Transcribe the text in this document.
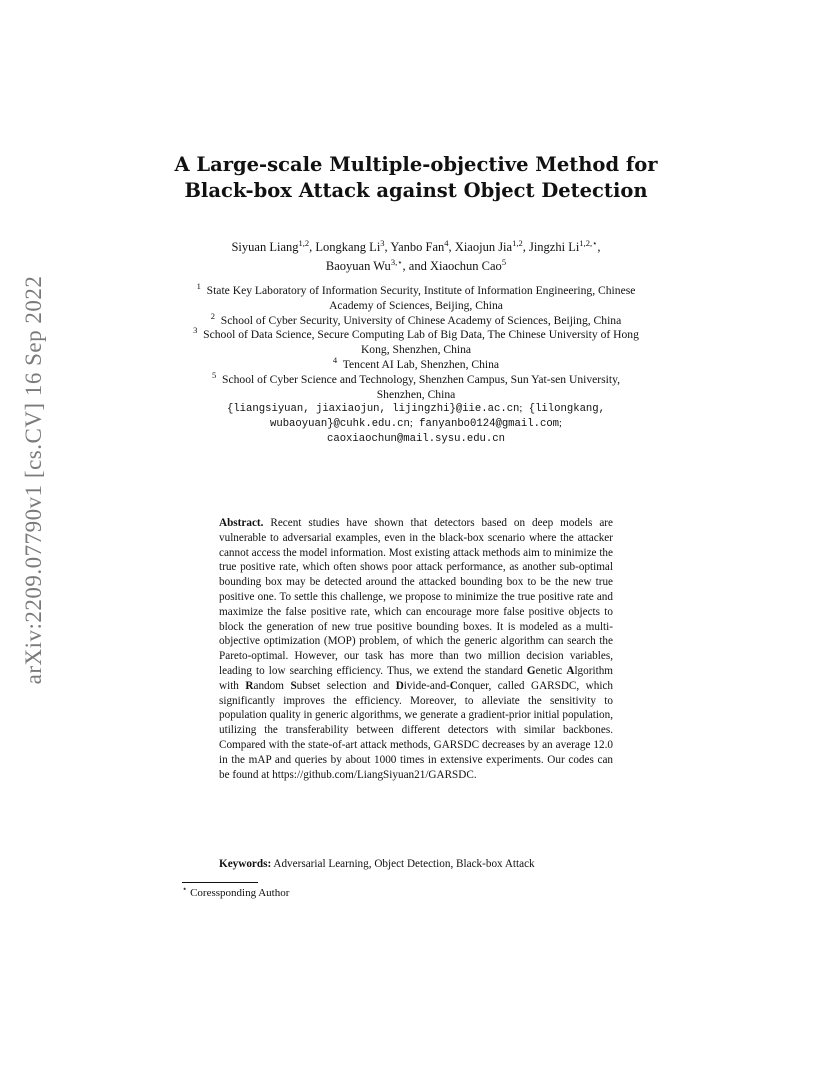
arXiv:2209.07790v1 [cs.CV] 16 Sep 2022
A Large-scale Multiple-objective Method for
Black-box Attack against Object Detection
Siyuan Liang$^{1,2}$, Longkang Li$^3$, Yanbo Fan$^4$, Xiaojun Jia$^{1,2}$, Jingzhi $Li^{1,2,⋆}$,
Baoyuan $Wu^{3,⋆}$, and Xiaochun Cao$^5$
$^1$ State Key Laboratory of Information Security, Institute of Information Engineering, Chinese Academy of Sciences, Beijing, China
$^2$ School of Cyber Security, University of Chinese Academy of Sciences, Beijing, China
$^3$ School of Data Science, Secure Computing Lab of Big Data, The Chinese University of Hong Kong, Shenzhen, China
$^4$ Tencent AI Lab, Shenzhen, China
$^5$ School of Cyber Science and Technology, Shenzhen Campus, Sun Yat-sen University, Shenzhen, China
{liangsiyuan, jiaxiaojun, lijingzhi}@iie.ac.cn; {lilongkang,
wubaoyuan}@cuhk.edu.cn; fanyanbo0124@gmail.com;
caoxiaochun@mail.sysu.edu.cn
Abstract. Recent studies have shown that detectors based on deep models are vulnerable to adversarial examples, even in the black-box scenario where the attacker cannot access the model information. Most existing attack methods aim to minimize the true positive rate, which often shows poor attack performance, as another sub-optimal bounding box may be detected around the attacked bounding box to be the new true positive one. To settle this challenge, we propose to minimize the true positive rate and maximize the false positive rate, which can encourage more false positive objects to block the generation of new true positive bounding boxes. It is modeled as a multi-objective optimization (MOP) problem, of which the generic algorithm can search the Pareto-optimal. However, our task has more than two million decision variables, leading to low searching efficiency. Thus, we extend the standard Genetic Algorithm with Random Subset selection and Divide-and-Conquer, called GARSDC, which significantly improves the efficiency. Moreover, to alleviate the sensitivity to population quality in generic algorithms, we generate a gradient-prior initial population, utilizing the transferability between different detectors with similar backbones. Compared with the state-of-art attack methods, GARSDC decreases by an average 12.0 in the mAP and queries by about 1000 times in extensive experiments. Our codes can be found at https://github.com/LiangSiyuan21/GARSDC.
Keywords: Adversarial Learning, Object Detection, Black-box Attack
⋆ Coressponding Author
